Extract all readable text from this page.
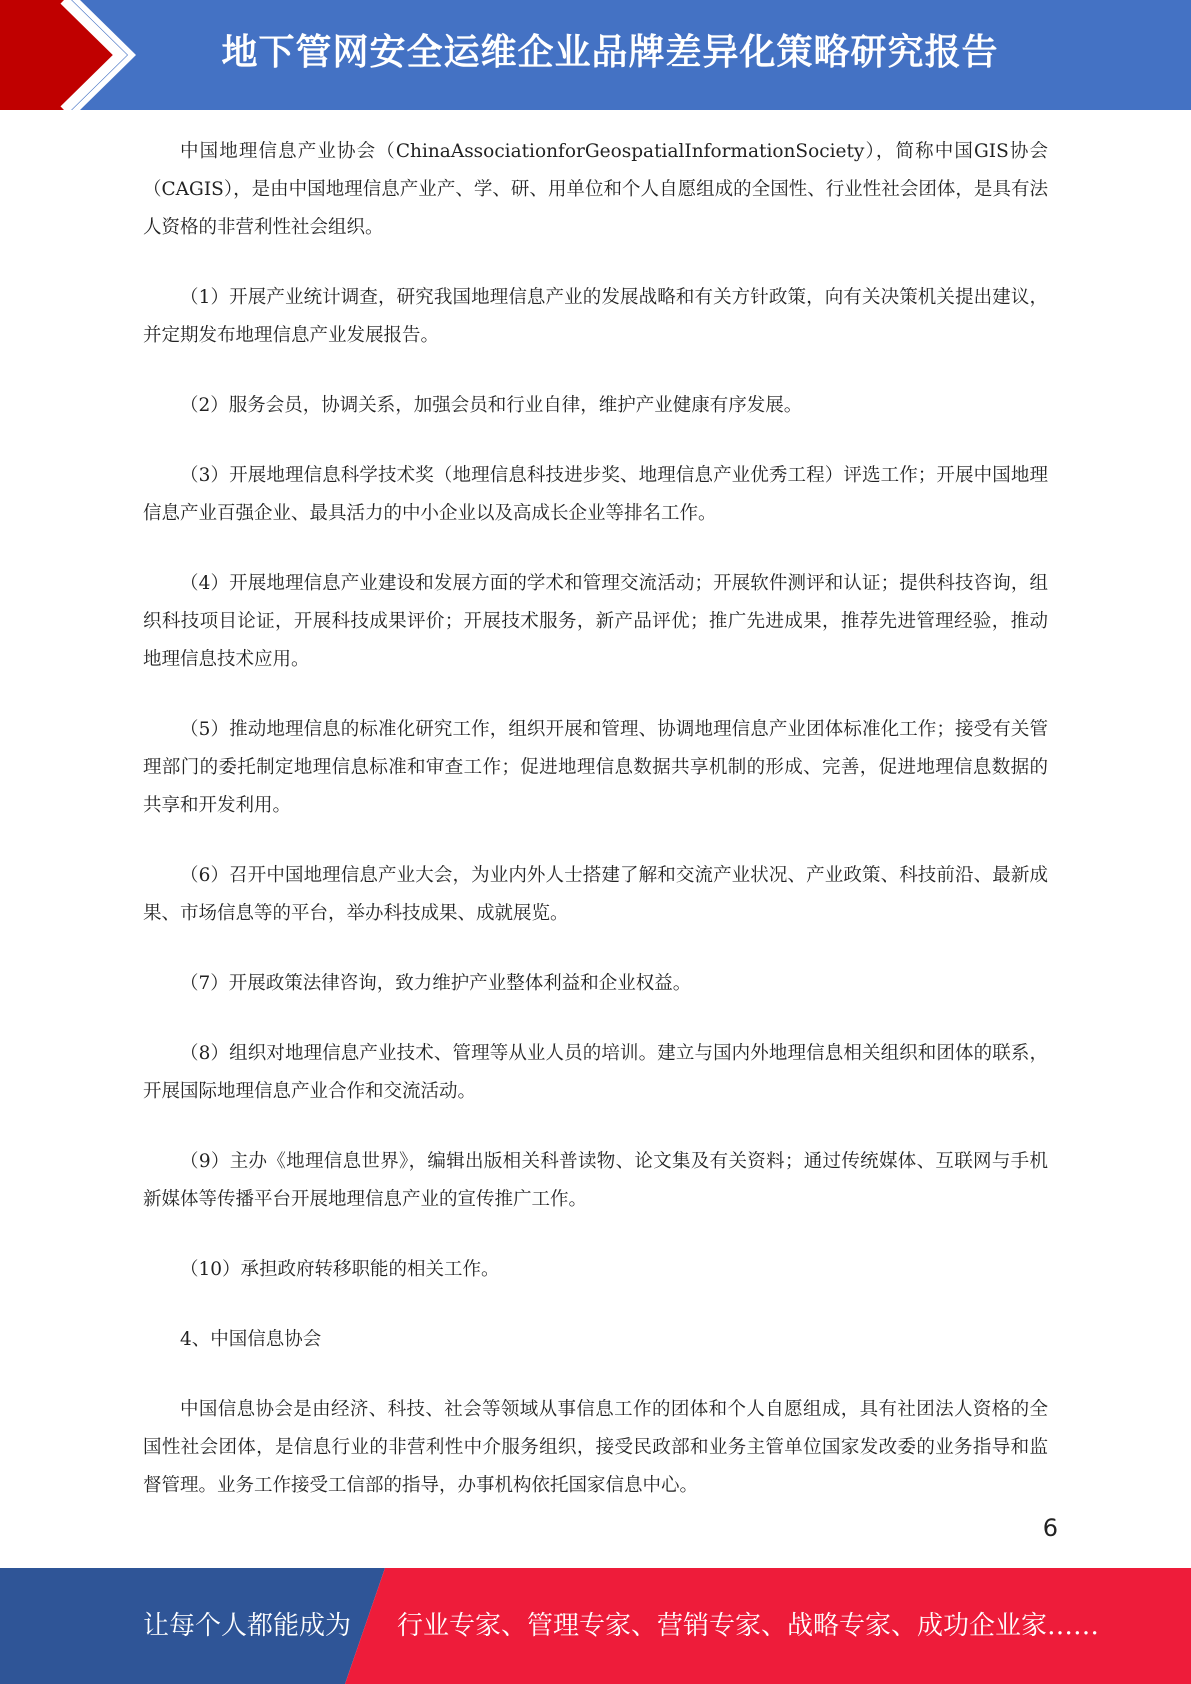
地下管网安全运维企业品牌差异化策略研究报告

中国地理信息产业协会（ChinaAssociationforGeospatialInformationSociety），简称中国GIS协会（CAGIS），是由中国地理信息产业产、学、研、用单位和个人自愿组成的全国性、行业性社会团体，是具有法人资格的非营利性社会组织。

（1）开展产业统计调查，研究我国地理信息产业的发展战略和有关方针政策，向有关决策机关提出建议，并定期发布地理信息产业发展报告。

（2）服务会员，协调关系，加强会员和行业自律，维护产业健康有序发展。

（3）开展地理信息科学技术奖（地理信息科技进步奖、地理信息产业优秀工程）评选工作；开展中国地理信息产业百强企业、最具活力的中小企业以及高成长企业等排名工作。

（4）开展地理信息产业建设和发展方面的学术和管理交流活动；开展软件测评和认证；提供科技咨询，组织科技项目论证，开展科技成果评价；开展技术服务，新产品评优；推广先进成果，推荐先进管理经验，推动地理信息技术应用。

（5）推动地理信息的标准化研究工作，组织开展和管理、协调地理信息产业团体标准化工作；接受有关管理部门的委托制定地理信息标准和审查工作；促进地理信息数据共享机制的形成、完善，促进地理信息数据的共享和开发利用。

（6）召开中国地理信息产业大会，为业内外人士搭建了解和交流产业状况、产业政策、科技前沿、最新成果、市场信息等的平台，举办科技成果、成就展览。

（7）开展政策法律咨询，致力维护产业整体利益和企业权益。

（8）组织对地理信息产业技术、管理等从业人员的培训。建立与国内外地理信息相关组织和团体的联系，开展国际地理信息产业合作和交流活动。

（9）主办《地理信息世界》，编辑出版相关科普读物、论文集及有关资料；通过传统媒体、互联网与手机新媒体等传播平台开展地理信息产业的宣传推广工作。

（10）承担政府转移职能的相关工作。

4、中国信息协会

中国信息协会是由经济、科技、社会等领域从事信息工作的团体和个人自愿组成，具有社团法人资格的全国性社会团体，是信息行业的非营利性中介服务组织，接受民政部和业务主管单位国家发改委的业务指导和监督管理。业务工作接受工信部的指导，办事机构依托国家信息中心。

6
让每个人都能成为 行业专家、管理专家、营销专家、战略专家、成功企业家……
